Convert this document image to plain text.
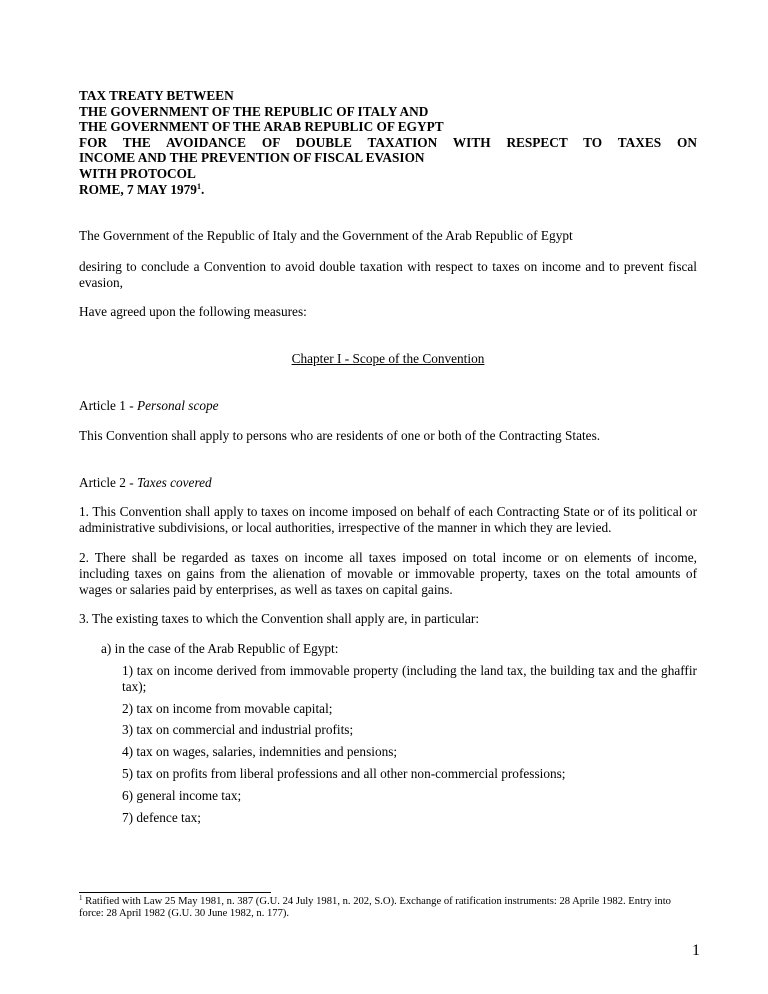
TAX TREATY BETWEEN
THE GOVERNMENT OF THE REPUBLIC OF ITALY AND
THE GOVERNMENT OF THE ARAB REPUBLIC OF EGYPT
FOR THE AVOIDANCE OF DOUBLE TAXATION WITH RESPECT TO TAXES ON
INCOME AND THE PREVENTION OF FISCAL EVASION
WITH PROTOCOL
ROME, 7 MAY 1979$^1$.

The Government of the Republic of Italy and the Government of the Arab Republic of Egypt

desiring to conclude a Convention to avoid double taxation with respect to taxes on income and to prevent fiscal evasion,

Have agreed upon the following measures:

Chapter I - Scope of the Convention

Article 1 - Personal scope

This Convention shall apply to persons who are residents of one or both of the Contracting States.

Article 2 - Taxes covered

1. This Convention shall apply to taxes on income imposed on behalf of each Contracting State or of its political or administrative subdivisions, or local authorities, irrespective of the manner in which they are levied.

2. There shall be regarded as taxes on income all taxes imposed on total income or on elements of income, including taxes on gains from the alienation of movable or immovable property, taxes on the total amounts of wages or salaries paid by enterprises, as well as taxes on capital gains.

3. The existing taxes to which the Convention shall apply are, in particular:

a) in the case of the Arab Republic of Egypt:

1) tax on income derived from immovable property (including the land tax, the building tax and the ghaffir tax);

2) tax on income from movable capital;

3) tax on commercial and industrial profits;

4) tax on wages, salaries, indemnities and pensions;

5) tax on profits from liberal professions and all other non-commercial professions;

6) general income tax;

7) defence tax;

$^1$ Ratified with Law 25 May 1981, n. 387 (G.U. 24 July 1981, n. 202, S.O). Exchange of ratification instruments: 28 Aprile 1982. Entry into force: 28 April 1982 (G.U. 30 June 1982, n. 177).

1
